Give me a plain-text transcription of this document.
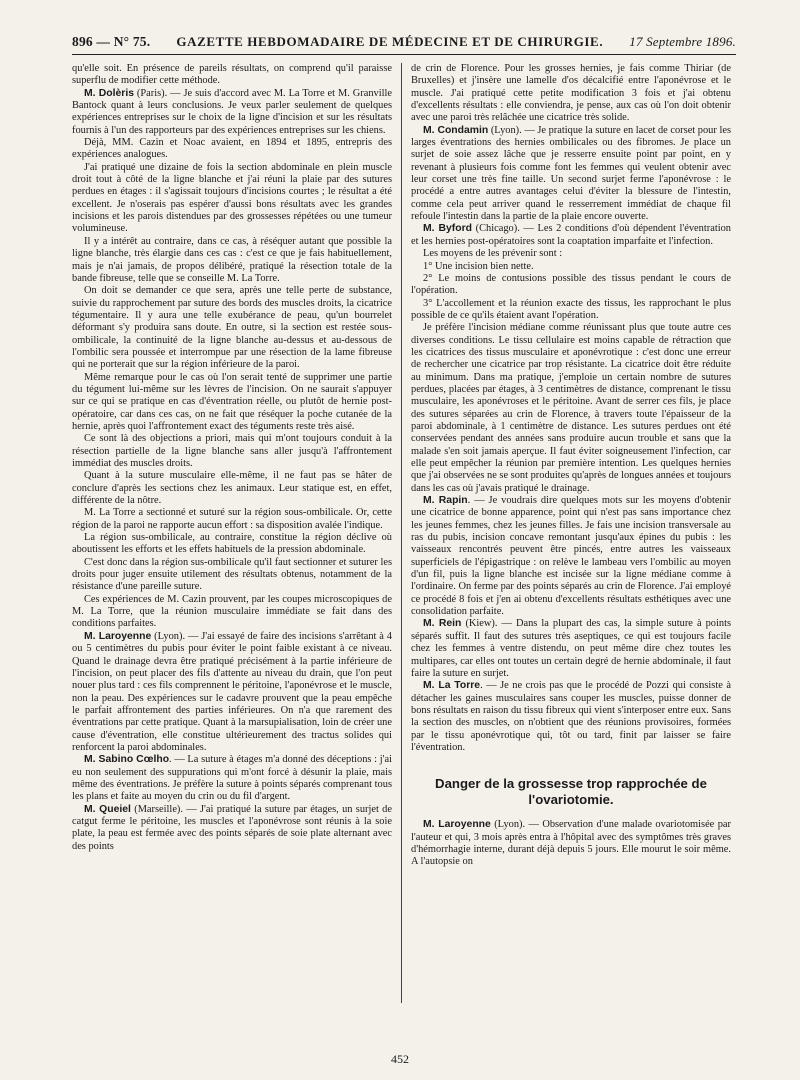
896 — N° 75. GAZETTE HEBDOMADAIRE DE MÉDECINE ET DE CHIRURGIE. 17 Septembre 1896.

qu'elle soit. En présence de pareils résultats, on comprend qu'il paraisse superflu de modifier cette méthode.

M. Dolèris (Paris). — Je suis d'accord avec M. La Torre et M. Granville Bantock quant à leurs conclusions. Je veux parler seulement de quelques expériences entreprises sur le choix de la ligne d'incision et sur les résultats fournis à l'un des rapporteurs par des expériences entreprises sur les chiens.

Déjà, MM. Cazin et Noac avaient, en 1894 et 1895, entrepris des expériences analogues.

J'ai pratiqué une dizaine de fois la section abdominale en plein muscle droit tout à côté de la ligne blanche et j'ai réuni la plaie par des sutures perdues en étages : il s'agissait toujours d'incisions courtes ; le résultat a été excellent. Je n'oserais pas espérer d'aussi bons résultats avec les grandes incisions et les parois distendues par des grossesses répétées ou une tumeur volumineuse.

Il y a intérêt au contraire, dans ce cas, à réséquer autant que possible la ligne blanche, très élargie dans ces cas : c'est ce que je fais habituellement, mais je n'ai jamais, de propos délibéré, pratiqué la résection totale de la bande fibreuse, telle que se conseille M. La Torre.

On doit se demander ce que sera, après une telle perte de substance, suivie du rapprochement par suture des bords des muscles droits, la cicatrice tégumentaire. Il y aura une telle exubérance de peau, qu'un bourrelet déformant s'y produira sans doute. En outre, si la section est restée sous-ombilicale, la continuité de la ligne blanche au-dessus et au-dessous de l'ombilic sera poussée et interrompue par une résection de la lame fibreuse qui ne porterait que sur la région inférieure de la paroi.

Même remarque pour le cas où l'on serait tenté de supprimer une partie du tégument lui-même sur les lèvres de l'incision. On ne saurait s'appuyer sur ce qui se pratique en cas d'éventration réelle, ou plutôt de hernie post-opératoire, car dans ces cas, on ne fait que réséquer la poche cutanée de la hernie, après quoi l'affrontement exact des téguments reste très aisé.

Ce sont là des objections a priori, mais qui m'ont toujours conduit à la résection partielle de la ligne blanche sans aller jusqu'à l'affrontement immédiat des muscles droits.

Quant à la suture musculaire elle-même, il ne faut pas se hâter de conclure d'après les sections chez les animaux. Leur statique est, en effet, différente de la nôtre.

M. La Torre a sectionné et suturé sur la région sous-ombilicale. Or, cette région de la paroi ne rapporte aucun effort : sa disposition avalée l'indique.

La région sus-ombilicale, au contraire, constitue la région déclive où aboutissent les efforts et les effets habituels de la pression abdominale.

C'est donc dans la région sus-ombilicale qu'il faut sectionner et suturer les droits pour juger ensuite utilement des résultats obtenus, notamment de la résistance d'une pareille suture.

Ces expériences de M. Cazin prouvent, par les coupes microscopiques de M. La Torre, que la réunion musculaire immédiate se fait dans des conditions parfaites.

M. Laroyenne (Lyon). — J'ai essayé de faire des incisions s'arrêtant à 4 ou 5 centimètres du pubis pour éviter le point faible existant à ce niveau. Quand le drainage devra être pratiqué précisément à la partie inférieure de l'incision, on peut placer des fils d'attente au niveau du drain, que l'on peut nouer plus tard : ces fils comprennent le péritoine, l'aponévrose et le muscle, non la peau. Des expériences sur le cadavre prouvent que la peau empêche le parfait affrontement des parties inférieures. On n'a que rarement des éventrations par cette pratique. Quant à la marsupialisation, loin de créer une cause d'éventration, elle constitue ultérieurement des tractus solides qui renforcent la paroi abdominales.

M. Sabino Cœlho. — La suture à étages m'a donné des déceptions : j'ai eu non seulement des suppurations qui m'ont forcé à désunir la plaie, mais même des éventrations. Je préfère la suture à points séparés comprenant tous les plans et faite au moyen du crin ou du fil d'argent.

M. Queiel (Marseille). — J'ai pratiqué la suture par étages, un surjet de catgut ferme le péritoine, les muscles et l'aponévrose sont réunis à la soie plate, la peau est fermée avec des points séparés de soie plate alternant avec des points

de crin de Florence. Pour les grosses hernies, je fais comme Thiriar (de Bruxelles) et j'insère une lamelle d'os décalcifié entre l'aponévrose et le muscle. J'ai pratiqué cette petite modification 3 fois et j'ai obtenu d'excellents résultats : elle conviendra, je pense, aux cas où l'on doit obtenir avec une paroi très relâchée une cicatrice très solide.

M. Condamin (Lyon). — Je pratique la suture en lacet de corset pour les larges éventrations des hernies ombilicales ou des fibromes. Je place un surjet de soie assez lâche que je resserre ensuite point par point, en y revenant à plusieurs fois comme font les femmes qui veulent obtenir avec leur corset une très fine taille. Un second surjet ferme l'aponévrose : le procédé a entre autres avantages celui d'éviter la blessure de l'intestin, comme cela peut arriver quand le resserrement immédiat de chaque fil refoule l'intestin dans la partie de la plaie encore ouverte.

M. Byford (Chicago). — Les 2 conditions d'où dépendent l'éventration et les hernies post-opératoires sont la coaptation imparfaite et l'infection.

Les moyens de les prévenir sont :

1° Une incision bien nette.

2° Le moins de contusions possible des tissus pendant le cours de l'opération.

3° L'accollement et la réunion exacte des tissus, les rapprochant le plus possible de ce qu'ils étaient avant l'opération.

Je préfère l'incision médiane comme réunissant plus que toute autre ces diverses conditions. Le tissu cellulaire est moins capable de rétraction que les cicatrices des tissus musculaire et aponévrotique : c'est donc une erreur de rechercher une cicatrice par trop résistante. La cicatrice doit être réduite au minimum. Dans ma pratique, j'emploie un certain nombre de sutures perdues, placées par étages, à 3 centimètres de distance, comprenant le tissu musculaire, les aponévroses et le péritoine. Avant de serrer ces fils, je place des sutures séparées au crin de Florence, à travers toute l'épaisseur de la paroi abdominale, à 1 centimètre de distance. Les sutures perdues ont été conservées pendant des années sans produire aucun trouble et sans que la malade s'en soit jamais aperçue. Il faut éviter soigneusement l'infection, car elle peut empêcher la réunion par première intention. Les quelques hernies que j'ai observées ne se sont produites qu'après de longues années et toujours dans les cas où j'avais pratiqué le drainage.

M. Rapin. — Je voudrais dire quelques mots sur les moyens d'obtenir une cicatrice de bonne apparence, point qui n'est pas sans importance chez les jeunes femmes, chez les jeunes filles. Je fais une incision transversale au ras du pubis, incision concave remontant jusqu'aux épines du pubis : les vaisseaux rencontrés peuvent être pincés, entre autres les vaisseaux superficiels de l'épigastrique : on relève le lambeau vers l'ombilic au moyen d'un fil, puis la ligne blanche est incisée sur la ligne médiane comme à l'ordinaire. On ferme par des points séparés au crin de Florence. J'ai employé ce procédé 8 fois et j'en ai obtenu d'excellents résultats esthétiques avec une consolidation parfaite.

M. Rein (Kiew). — Dans la plupart des cas, la simple suture à points séparés suffit. Il faut des sutures très aseptiques, ce qui est toujours facile chez les femmes à ventre distendu, on peut même dire chez toutes les multipares, car elles ont toutes un certain degré de hernie abdominale, il faut faire la suture en surjet.

M. La Torre. — Je ne crois pas que le procédé de Pozzi qui consiste à détacher les gaines musculaires sans couper les muscles, puisse donner de bons résultats en raison du tissu fibreux qui vient s'interposer entre eux. Sans la section des muscles, on n'obtient que des réunions provisoires, formées par le tissu aponévrotique qui, tôt ou tard, finit par laisser se faire l'éventration.

Danger de la grossesse trop rapprochée de l'ovariotomie.

M. Laroyenne (Lyon). — Observation d'une malade ovariotomisée par l'auteur et qui, 3 mois après entra à l'hôpital avec des symptômes très graves d'hémorrhagie interne, durant déjà depuis 5 jours. Elle mourut le soir même. A l'autopsie on

452
